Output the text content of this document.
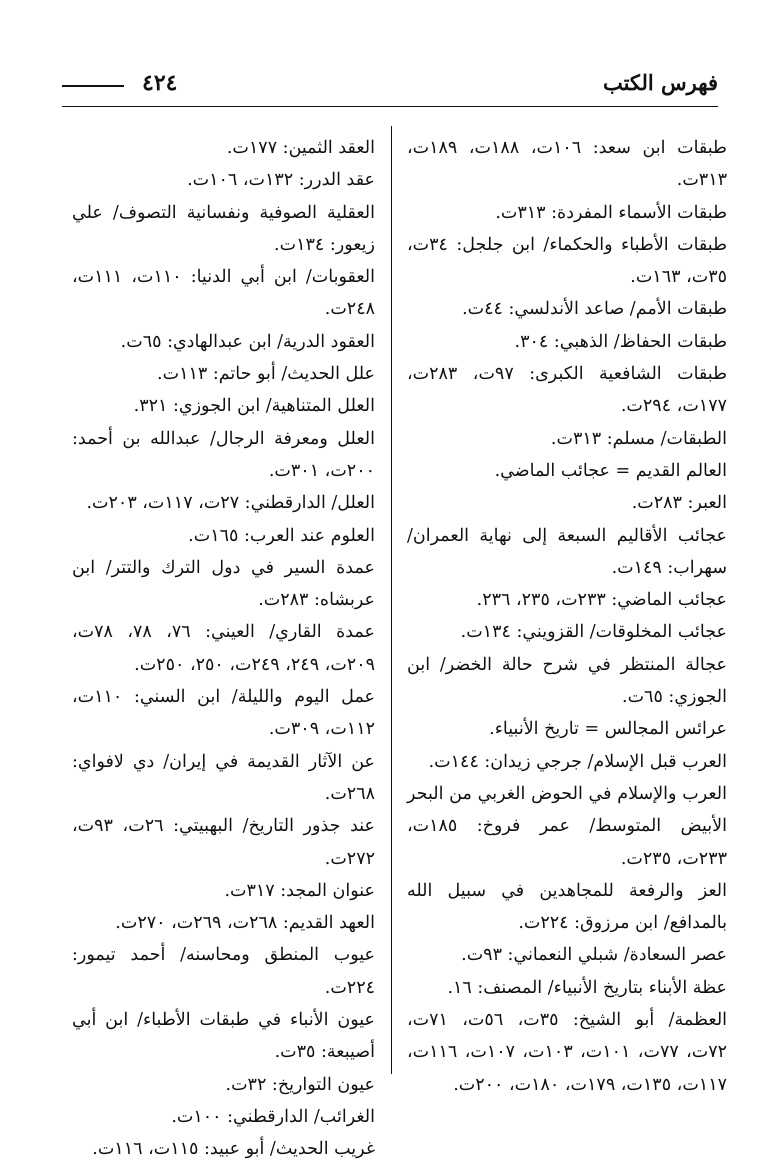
فهرس الكتب
٤٢٤
طبقات ابن سعد: ١٠٦ت، ١٨٨ت، ١٨٩ت، ٣١٣ت.
طبقات الأسماء المفردة: ٣١٣ت.
طبقات الأطباء والحكماء/ ابن جلجل: ٣٤ت، ٣٥ت، ١٦٣ت.
طبقات الأمم/ صاعد الأندلسي: ٤٤ت.
طبقات الحفاظ/ الذهبي: ٣٠٤.
طبقات الشافعية الكبرى: ٩٧ت، ٢٨٣ت، ١٧٧ت، ٢٩٤ت.
الطبقات/ مسلم: ٣١٣ت.
العالم القديم = عجائب الماضي.
العبر: ٢٨٣ت.
عجائب الأقاليم السبعة إلى نهاية العمران/ سهراب: ١٤٩ت.
عجائب الماضي: ٢٣٣ت، ٢٣٥، ٢٣٦.
عجائب المخلوقات/ القزويني: ١٣٤ت.
عجالة المنتظر في شرح حالة الخضر/ ابن الجوزي: ٦٥ت.
عرائس المجالس = تاريخ الأنبياء.
العرب قبل الإسلام/ جرجي زيدان: ١٤٤ت.
العرب والإسلام في الحوض الغربي من البحر الأبيض المتوسط/ عمر فروخ: ١٨٥ت، ٢٣٣ت، ٢٣٥ت.
العز والرفعة للمجاهدين في سبيل الله بالمدافع/ ابن مرزوق: ٢٢٤ت.
عصر السعادة/ شبلي النعماني: ٩٣ت.
عظة الأبناء بتاريخ الأنبياء/ المصنف: ١٦.
العظمة/ أبو الشيخ: ٣٥ت، ٥٦ت، ٧١ت، ٧٢ت، ٧٧ت، ١٠١ت، ١٠٣ت، ١٠٧ت، ١١٦ت، ١١٧ت، ١٣٥ت، ١٧٩ت، ١٨٠ت، ٢٠٠ت.
العقد الثمين: ١٧٧ت.
عقد الدرر: ١٣٢ت، ١٠٦ت.
العقلية الصوفية ونفسانية التصوف/ علي زيعور: ١٣٤ت.
العقوبات/ ابن أبي الدنيا: ١١٠ت، ١١١ت، ٢٤٨ت.
العقود الدرية/ ابن عبدالهادي: ٦٥ت.
علل الحديث/ أبو حاتم: ١١٣ت.
العلل المتناهية/ ابن الجوزي: ٣٢١.
العلل ومعرفة الرجال/ عبدالله بن أحمد: ٢٠٠ت، ٣٠١ت.
العلل/ الدارقطني: ٢٧ت، ١١٧ت، ٢٠٣ت.
العلوم عند العرب: ١٦٥ت.
عمدة السير في دول الترك والتتر/ ابن عربشاه: ٢٨٣ت.
عمدة القاري/ العيني: ٧٦، ٧٨، ٧٨ت، ٢٠٩ت، ٢٤٩، ٢٤٩ت، ٢٥٠، ٢٥٠ت.
عمل اليوم والليلة/ ابن السني: ١١٠ت، ١١٢ت، ٣٠٩ت.
عن الآثار القديمة في إيران/ دي لافواي: ٢٦٨ت.
عند جذور التاريخ/ البهبيتي: ٢٦ت، ٩٣ت، ٢٧٢ت.
عنوان المجد: ٣١٧ت.
العهد القديم: ٢٦٨ت، ٢٦٩ت، ٢٧٠ت.
عيوب المنطق ومحاسنه/ أحمد تيمور: ٢٢٤ت.
عيون الأنباء في طبقات الأطباء/ ابن أبي أصيبعة: ٣٥ت.
عيون التواريخ: ٣٢ت.
الغرائب/ الدارقطني: ١٠٠ت.
غريب الحديث/ أبو عبيد: ١١٥ت، ١١٦ت.
